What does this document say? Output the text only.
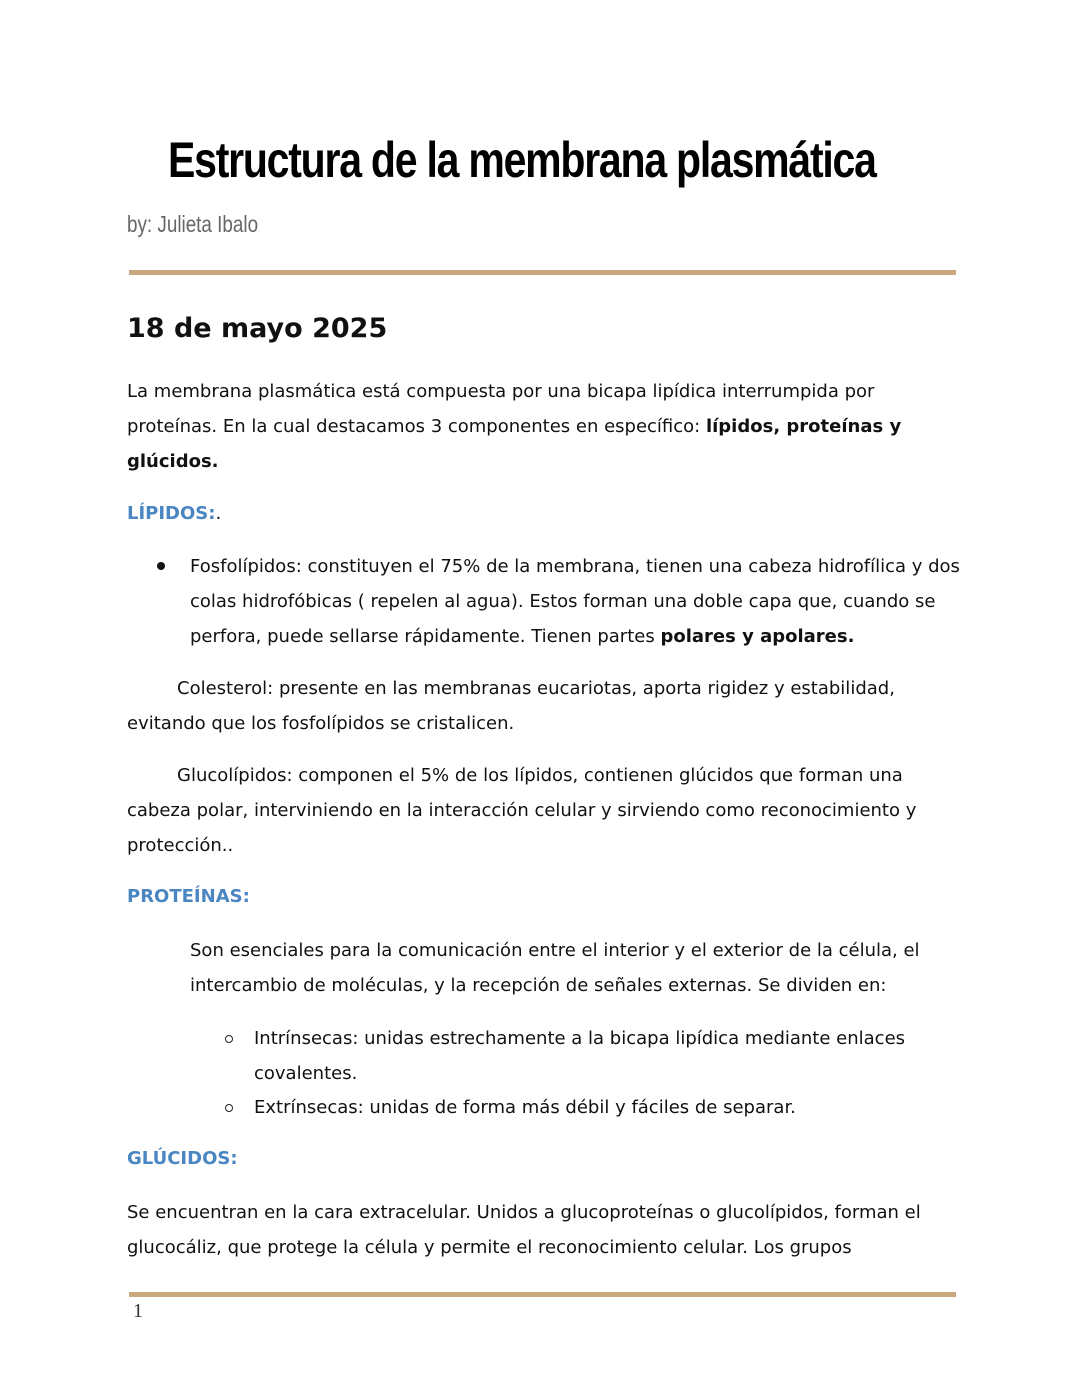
Estructura de la membrana plasmática
by: Julieta Ibalo
18 de mayo 2025

La membrana plasmática está compuesta por una bicapa lipídica interrumpida por proteínas. En la cual destacamos 3 componentes en específico: lípidos, proteínas y glúcidos.

LÍPIDOS:.

Fosfolípidos: constituyen el 75% de la membrana, tienen una cabeza hidrofílica y dos colas hidrofóbicas ( repelen al agua). Estos forman una doble capa que, cuando se perfora, puede sellarse rápidamente. Tienen partes polares y apolares.

Colesterol: presente en las membranas eucariotas, aporta rigidez y estabilidad, evitando que los fosfolípidos se cristalicen.

Glucolípidos: componen el 5% de los lípidos, contienen glúcidos que forman una cabeza polar, interviniendo en la interacción celular y sirviendo como reconocimiento y protección..

PROTEÍNAS:

Son esenciales para la comunicación entre el interior y el exterior de la célula, el intercambio de moléculas, y la recepción de señales externas. Se dividen en:

Intrínsecas: unidas estrechamente a la bicapa lipídica mediante enlaces covalentes.

Extrínsecas: unidas de forma más débil y fáciles de separar.

GLÚCIDOS:

Se encuentran en la cara extracelular. Unidos a glucoproteínas o glucolípidos, forman el glucocáliz, que protege la célula y permite el reconocimiento celular. Los grupos

1
